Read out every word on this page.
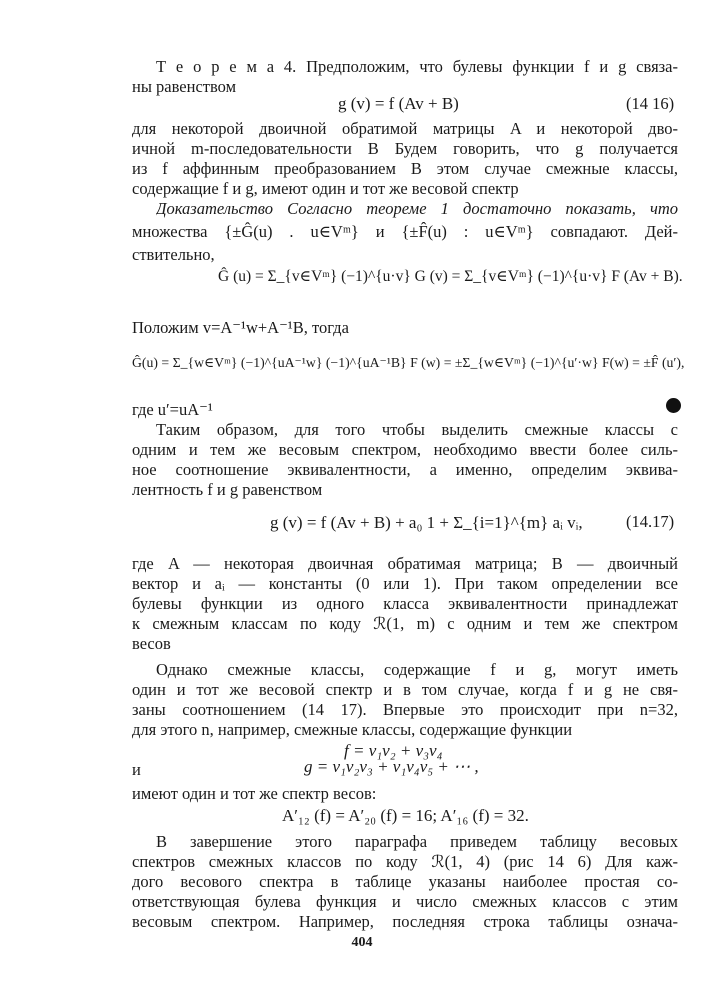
Т е о р е м а 4. Предположим, что булевы функции f и g связа-
ны равенством
g (v) = f (Av + B)	(14 16)
для некоторой двоичной обратимой матрицы A и некоторой дво-
ичной m-последовательности B Будем говорить, что g получается
из f аффинным преобразованием В этом случае смежные классы,
содержащие f и g, имеют один и тот же весовой спектр
Доказательство Согласно теореме 1 достаточно показать, что
множества {±Ĝ(u) . u∈Vᵐ} и {±F̂(u) : u∈Vᵐ} совпадают. Дей-
ствительно,
Ĝ (u) = Σ_{v∈Vᵐ} (−1)^{u·v} G (v) = Σ_{v∈Vᵐ} (−1)^{u·v} F (Av + B).
Положим v=A⁻¹w+A⁻¹B, тогда
Ĝ(u) = Σ_{w∈Vᵐ} (−1)^{uA⁻¹w} (−1)^{uA⁻¹B} F (w) = ±Σ_{w∈Vᵐ} (−1)^{u′·w} F(w) = ±F̂ (u′),
где u′=uA⁻¹
Таким образом, для того чтобы выделить смежные классы с
одним и тем же весовым спектром, необходимо ввести более силь-
ное соотношение эквивалентности, а именно, определим эквива-
лентность f и g равенством
g (v) = f (Av + B) + a₀ 1 + Σ_{i=1}^{m} aᵢ vᵢ,	(14.17)
где A — некоторая двоичная обратимая матрица; B — двоичный
вектор и aᵢ — константы (0 или 1). При таком определении все
булевы функции из одного класса эквивалентности принадлежат
к смежным классам по коду ℛ(1, m) с одним и тем же спектром
весов
Однако смежные классы, содержащие f и g, могут иметь
один и тот же весовой спектр и в том случае, когда f и g не свя-
заны соотношением (14 17). Впервые это происходит при n=32,
для этого n, например, смежные классы, содержащие функции
f = v₁v₂ + v₃v₄
и	g = v₁v₂v₃ + v₁v₄v₅ + ⋯ ,
имеют один и тот же спектр весов:
A′₁₂ (f) = A′₂₀ (f) = 16; A′₁₆ (f) = 32.
В завершение этого параграфа приведем таблицу весовых
спектров смежных классов по коду ℛ(1, 4) (рис 14 6) Для каж-
дого весового спектра в таблице указаны наиболее простая со-
ответствующая булева функция и число смежных классов с этим
весовым спектром. Например, последняя строка таблицы означа-
404
